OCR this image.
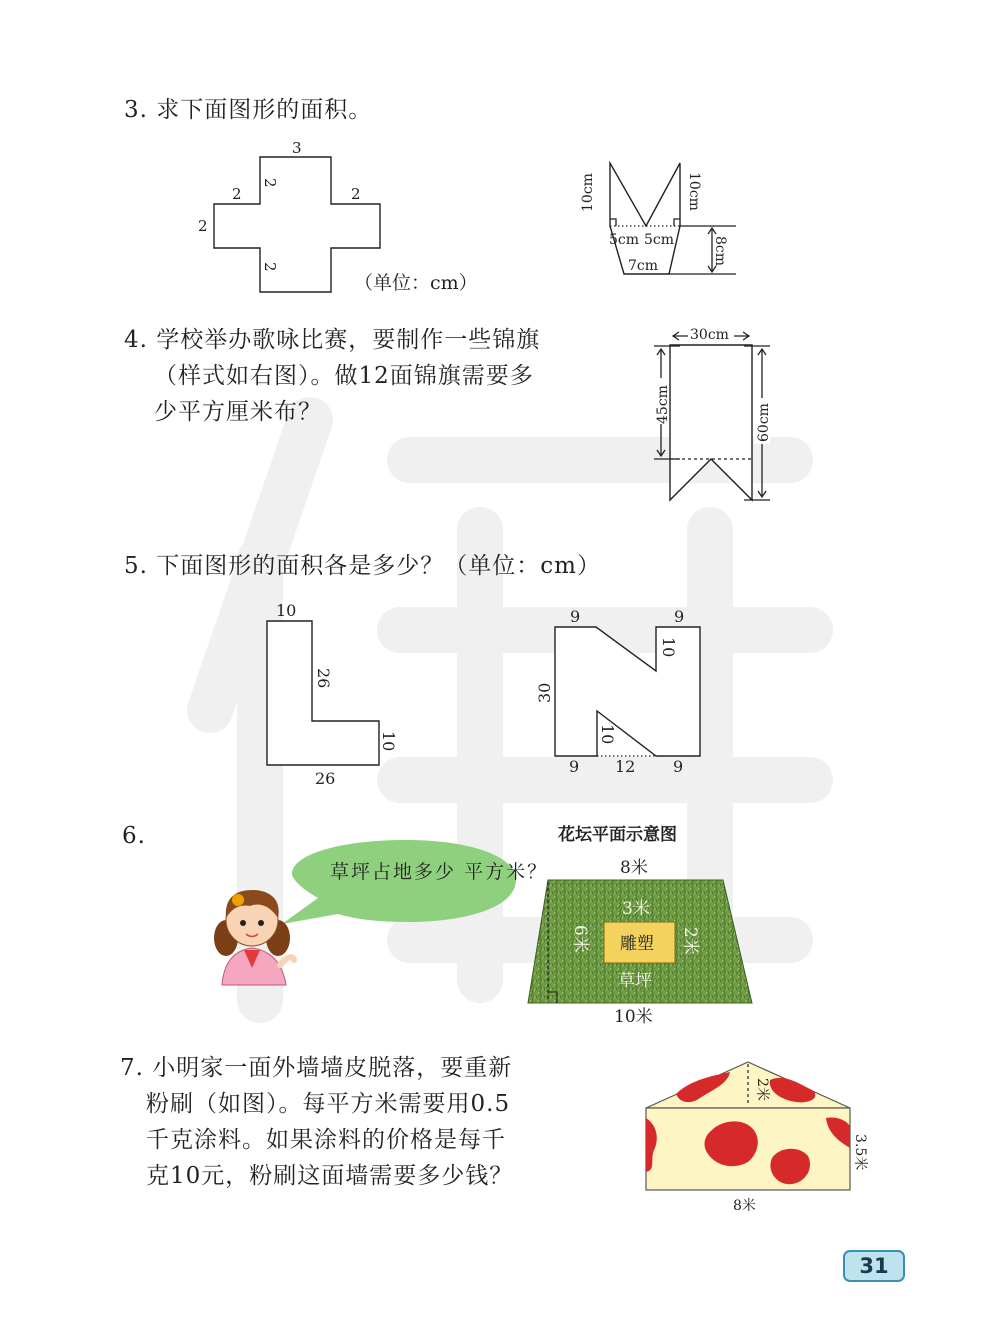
3. 求下面图形的面积。
3
2	2
2
2
2
（单位：cm）
10cm	10cm
5cm 5cm
7cm	8cm
4. 学校举办歌咏比赛，要制作一些锦旗
（样式如右图）。做12面锦旗需要多
少平方厘米布？
30cm
45cm	60cm
5. 下面图形的面积各是多少？（单位：cm）
10
26
10
26
9	9
10
30
10
9 12 9
6.
草坪占地多少 平方米？
花坛平面示意图
雕塑
8米
3米
6米	2米
草坪
10米
7. 小明家一面外墙墙皮脱落，要重新
粉刷（如图）。每平方米需要用0.5
千克涂料。如果涂料的价格是每千
克10元，粉刷这面墙需要多少钱？
2米
3.5米
8米
31
